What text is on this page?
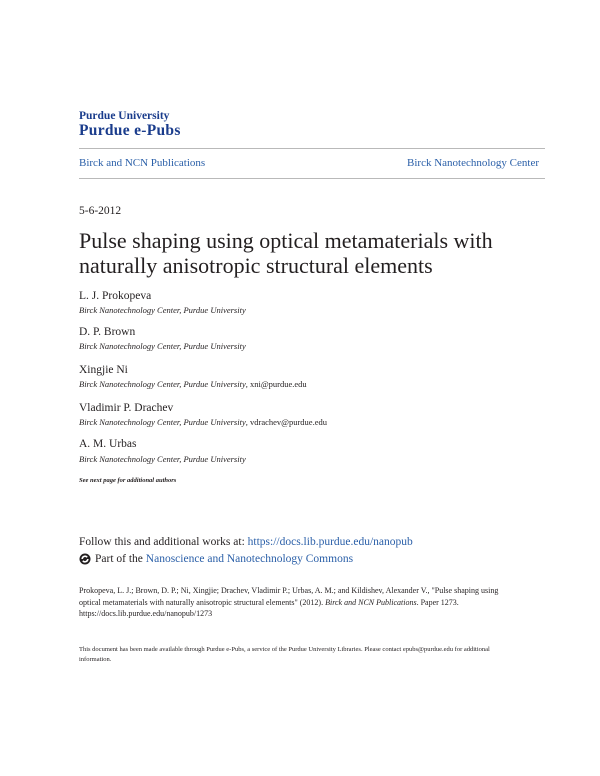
Purdue University
Purdue e-Pubs
Birck and NCN Publications	Birck Nanotechnology Center
5-6-2012
Pulse shaping using optical metamaterials with naturally anisotropic structural elements
L. J. Prokopeva
Birck Nanotechnology Center, Purdue University
D. P. Brown
Birck Nanotechnology Center, Purdue University
Xingjie Ni
Birck Nanotechnology Center, Purdue University, xni@purdue.edu
Vladimir P. Drachev
Birck Nanotechnology Center, Purdue University, vdrachev@purdue.edu
A. M. Urbas
Birck Nanotechnology Center, Purdue University
See next page for additional authors
Follow this and additional works at: https://docs.lib.purdue.edu/nanopub
Part of the Nanoscience and Nanotechnology Commons
Prokopeva, L. J.; Brown, D. P.; Ni, Xingjie; Drachev, Vladimir P.; Urbas, A. M.; and Kildishev, Alexander V., "Pulse shaping using optical metamaterials with naturally anisotropic structural elements" (2012). Birck and NCN Publications. Paper 1273.
https://docs.lib.purdue.edu/nanopub/1273
This document has been made available through Purdue e-Pubs, a service of the Purdue University Libraries. Please contact epubs@purdue.edu for additional information.
